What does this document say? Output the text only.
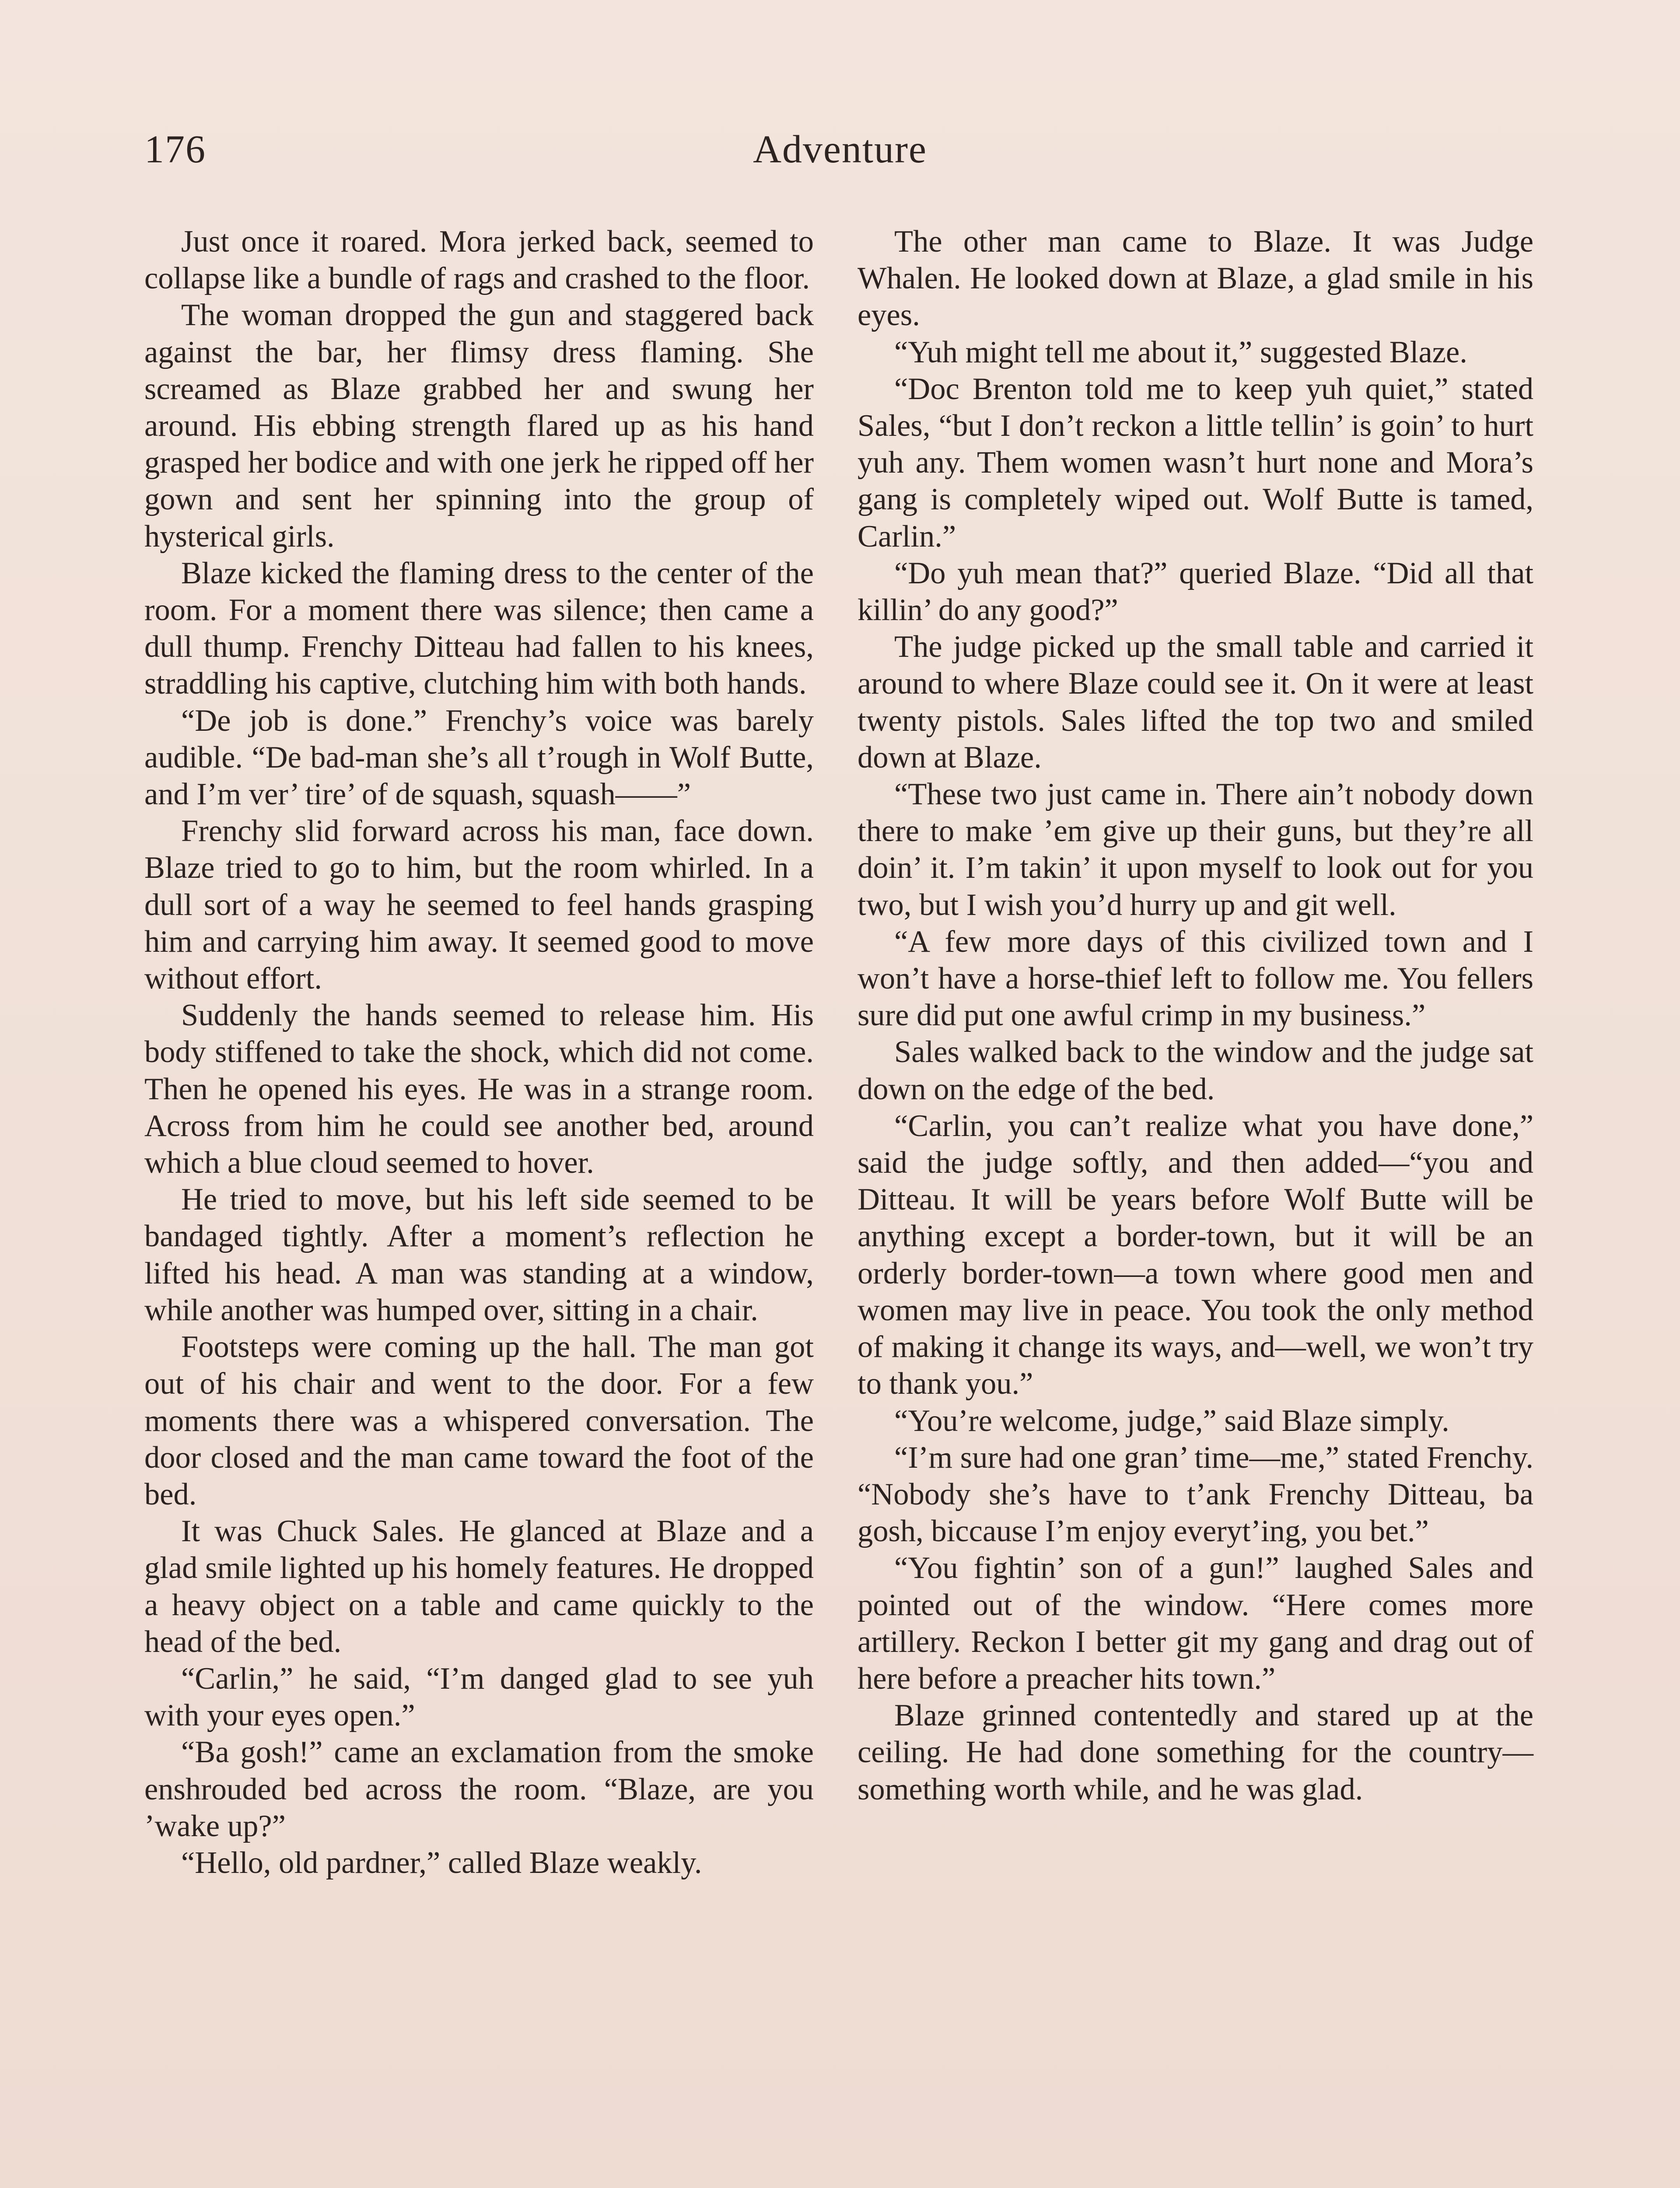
176	Adventure

Just once it roared. Mora jerked back, seemed to collapse like a bundle of rags and crashed to the floor.

The woman dropped the gun and staggered back against the bar, her flimsy dress flaming. She screamed as Blaze grabbed her and swung her around. His ebbing strength flared up as his hand grasped her bodice and with one jerk he ripped off her gown and sent her spinning into the group of hysterical girls.

Blaze kicked the flaming dress to the center of the room. For a moment there was silence; then came a dull thump. Frenchy Ditteau had fallen to his knees, straddling his captive, clutching him with both hands.

“De job is done.” Frenchy’s voice was barely audible. “De bad-man she’s all t’rough in Wolf Butte, and I’m ver’ tire’ of de squash, squash——”

Frenchy slid forward across his man, face down. Blaze tried to go to him, but the room whirled. In a dull sort of a way he seemed to feel hands grasping him and carrying him away. It seemed good to move without effort.

Suddenly the hands seemed to release him. His body stiffened to take the shock, which did not come. Then he opened his eyes. He was in a strange room. Across from him he could see another bed, around which a blue cloud seemed to hover.

He tried to move, but his left side seemed to be bandaged tightly. After a moment’s reflection he lifted his head. A man was standing at a window, while another was humped over, sitting in a chair.

Footsteps were coming up the hall. The man got out of his chair and went to the door. For a few moments there was a whispered conversation. The door closed and the man came toward the foot of the bed.

It was Chuck Sales. He glanced at Blaze and a glad smile lighted up his homely features. He dropped a heavy object on a table and came quickly to the head of the bed.

“Carlin,” he said, “I’m danged glad to see yuh with your eyes open.”

“Ba gosh!” came an exclamation from the smoke enshrouded bed across the room. “Blaze, are you ’wake up?”

“Hello, old pardner,” called Blaze weakly.

The other man came to Blaze. It was Judge Whalen. He looked down at Blaze, a glad smile in his eyes.

“Yuh might tell me about it,” suggested Blaze.

“Doc Brenton told me to keep yuh quiet,” stated Sales, “but I don’t reckon a little tellin’ is goin’ to hurt yuh any. Them women wasn’t hurt none and Mora’s gang is completely wiped out. Wolf Butte is tamed, Carlin.”

“Do yuh mean that?” queried Blaze. “Did all that killin’ do any good?”

The judge picked up the small table and carried it around to where Blaze could see it. On it were at least twenty pistols. Sales lifted the top two and smiled down at Blaze.

“These two just came in. There ain’t nobody down there to make ’em give up their guns, but they’re all doin’ it. I’m takin’ it upon myself to look out for you two, but I wish you’d hurry up and git well.

“A few more days of this civilized town and I won’t have a horse-thief left to follow me. You fellers sure did put one awful crimp in my business.”

Sales walked back to the window and the judge sat down on the edge of the bed.

“Carlin, you can’t realize what you have done,” said the judge softly, and then added—“you and Ditteau. It will be years before Wolf Butte will be anything except a border-town, but it will be an orderly border-town—a town where good men and women may live in peace. You took the only method of making it change its ways, and—well, we won’t try to thank you.”

“You’re welcome, judge,” said Blaze simply.

“I’m sure had one gran’ time—me,” stated Frenchy. “Nobody she’s have to t’ank Frenchy Ditteau, ba gosh, biccause I’m enjoy everyt’ing, you bet.”

“You fightin’ son of a gun!” laughed Sales and pointed out of the window. “Here comes more artillery. Reckon I better git my gang and drag out of here before a preacher hits town.”

Blaze grinned contentedly and stared up at the ceiling. He had done something for the country—something worth while, and he was glad.
